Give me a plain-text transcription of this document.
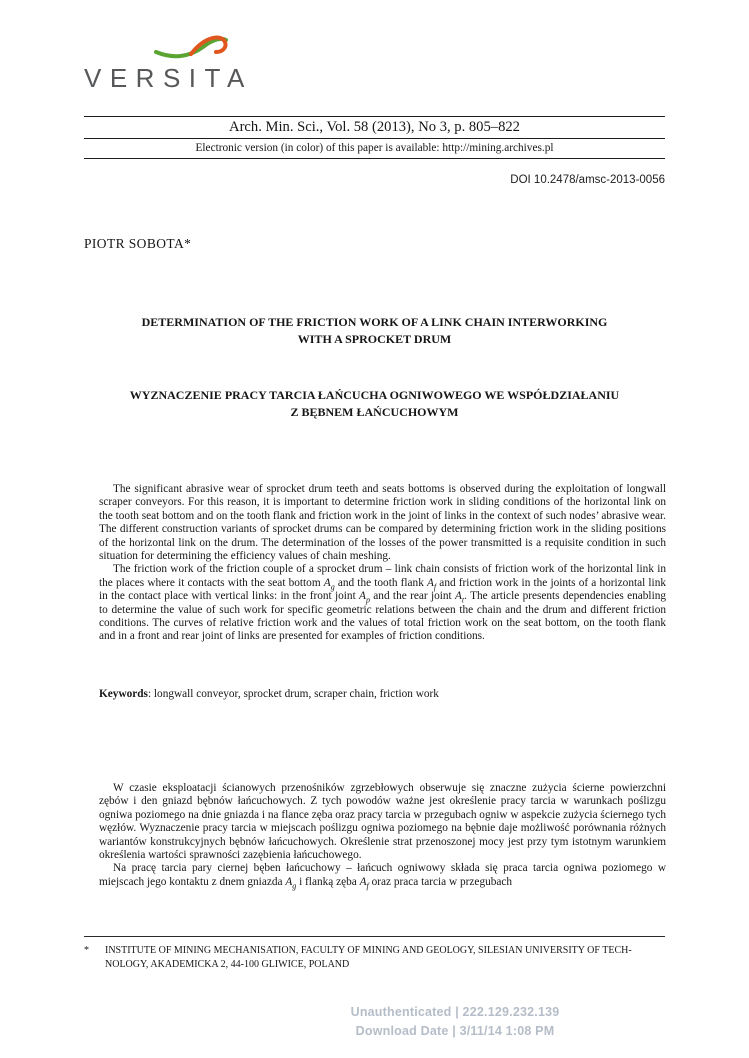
VERSITA
Arch. Min. Sci., Vol. 58 (2013), No 3, p. 805–822
Electronic version (in color) of this paper is available: http://mining.archives.pl
DOI 10.2478/amsc-2013-0056
PIOTR SOBOTA*
DETERMINATION OF THE FRICTION WORK OF A LINK CHAIN INTERWORKING
WITH A SPROCKET DRUM
WYZNACZENIE PRACY TARCIA ŁAŃCUCHA OGNIWOWEGO WE WSPÓŁDZIAŁANIU
Z BĘBNEM ŁAŃCUCHOWYM

The significant abrasive wear of sprocket drum teeth and seats bottoms is observed during the exploitation of longwall scraper conveyors. For this reason, it is important to determine friction work in sliding conditions of the horizontal link on the tooth seat bottom and on the tooth flank and friction work in the joint of links in the context of such nodes’ abrasive wear. The different construction variants of sprocket drums can be compared by determining friction work in the sliding positions of the horizontal link on the drum. The determination of the losses of the power transmitted is a requisite condition in such situation for determining the efficiency values of chain meshing.

The friction work of the friction couple of a sprocket drum – link chain consists of friction work of the horizontal link in the places where it contacts with the seat bottom $A_g$ and the tooth flank $A_f$ and friction work in the joints of a horizontal link in the contact place with vertical links: in the front joint $A_p$ and the rear joint $A_t$. The article presents dependencies enabling to determine the value of such work for specific geometric relations between the chain and the drum and different friction conditions. The curves of relative friction work and the values of total friction work on the seat bottom, on the tooth flank and in a front and rear joint of links are presented for examples of friction conditions.

Keywords: longwall conveyor, sprocket drum, scraper chain, friction work

W czasie eksploatacji ścianowych przenośników zgrzebłowych obserwuje się znaczne zużycia ścierne powierzchni zębów i den gniazd bębnów łańcuchowych. Z tych powodów ważne jest określenie pracy tarcia w warunkach poślizgu ogniwa poziomego na dnie gniazda i na flance zęba oraz pracy tarcia w przegubach ogniw w aspekcie zużycia ściernego tych węzłów. Wyznaczenie pracy tarcia w miejscach poślizgu ogniwa poziomego na bębnie daje możliwość porównania różnych wariantów konstrukcyjnych bębnów łańcuchowych. Określenie strat przenoszonej mocy jest przy tym istotnym warunkiem określenia wartości sprawności zazębienia łańcuchowego.

Na pracę tarcia pary ciernej bęben łańcuchowy – łańcuch ogniwowy składa się praca tarcia ogniwa poziomego w miejscach jego kontaktu z dnem gniazda $A_g$ i flanką zęba $A_f$ oraz praca tarcia w przegubach

* INSTITUTE OF MINING MECHANISATION, FACULTY OF MINING AND GEOLOGY, SILESIAN UNIVERSITY OF TECH-
NOLOGY, AKADEMICKA 2, 44-100 GLIWICE, POLAND
Unauthenticated | 222.129.232.139
Download Date | 3/11/14 1:08 PM
